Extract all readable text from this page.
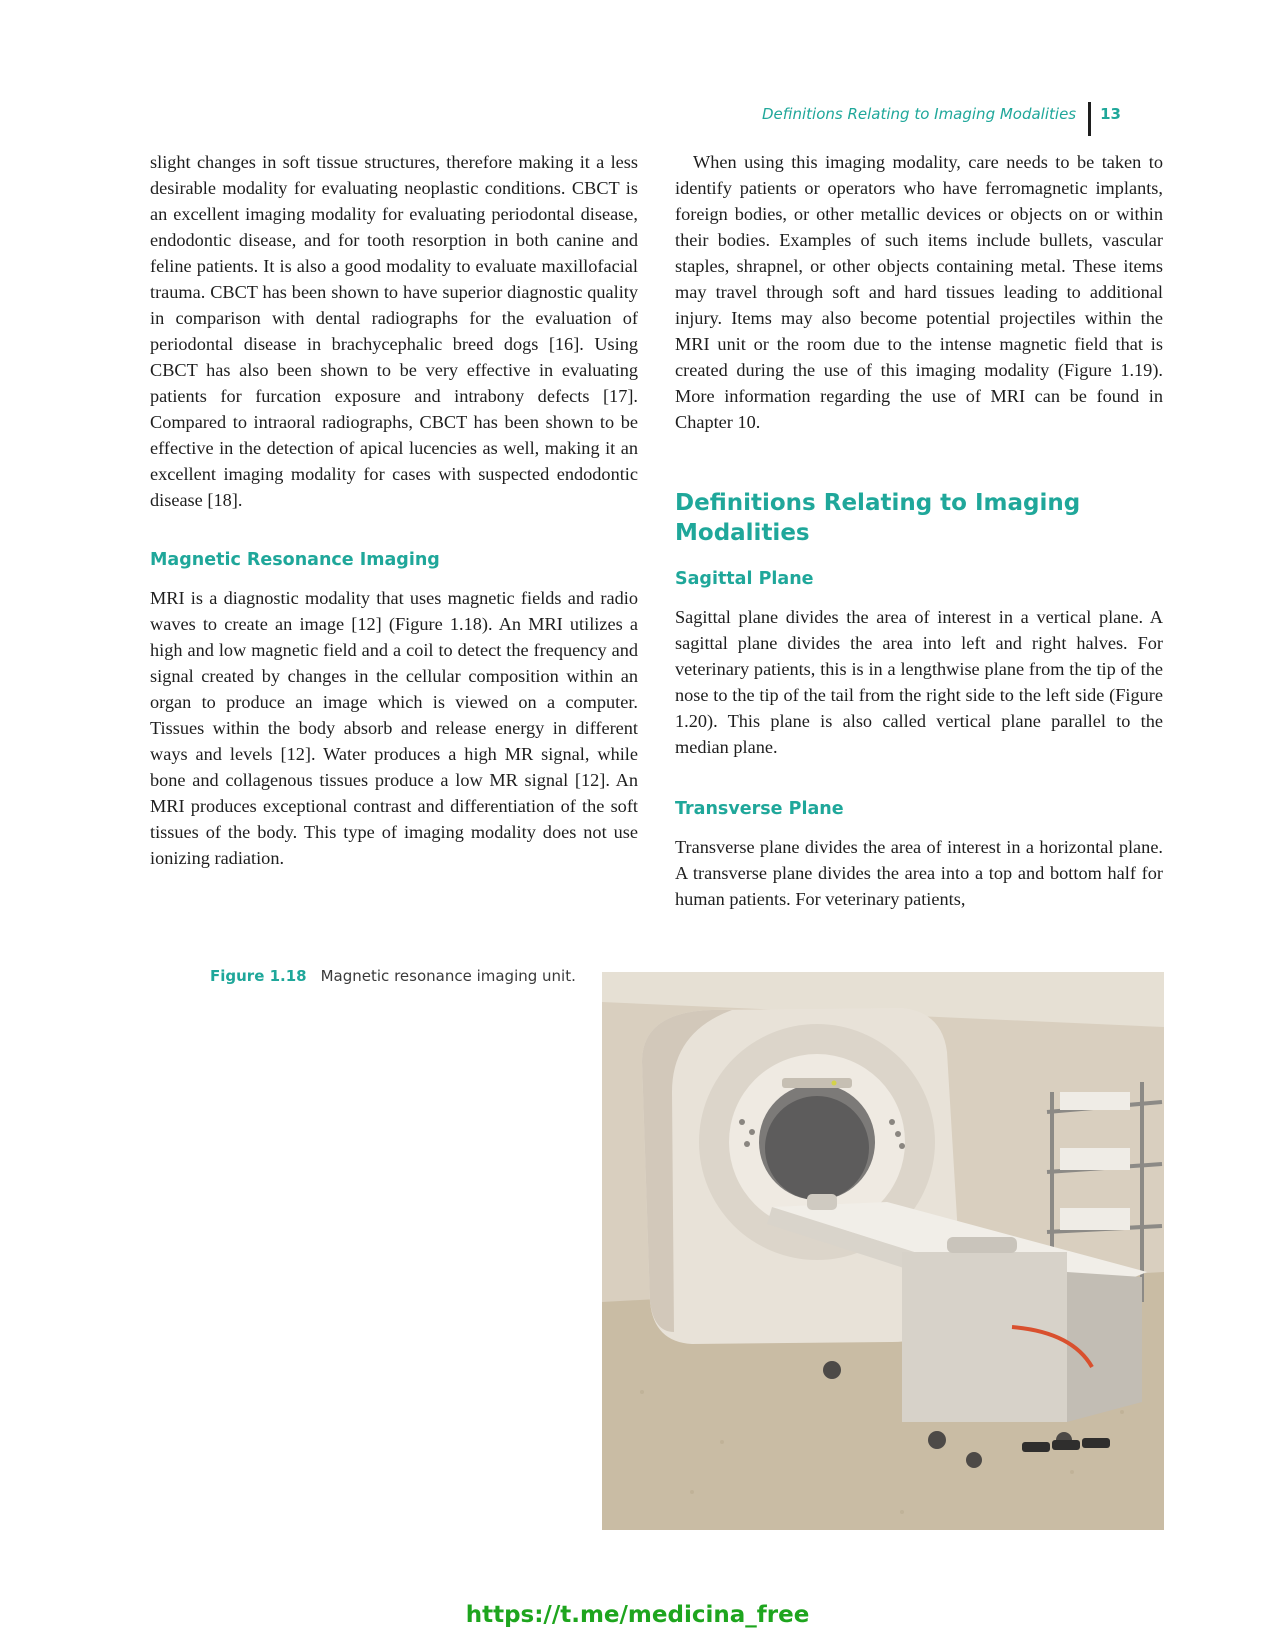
Definitions Relating to Imaging Modalities 13

slight changes in soft tissue structures, therefore making it a less desirable modality for evaluating neoplastic conditions. CBCT is an excellent imaging modality for evaluating periodontal disease, endodontic disease, and for tooth resorption in both canine and feline patients. It is also a good modality to evaluate maxillofacial trauma. CBCT has been shown to have superior diagnostic quality in comparison with dental radiographs for the evaluation of periodontal disease in brachycephalic breed dogs [16]. Using CBCT has also been shown to be very effective in evaluating patients for furcation exposure and intrabony defects [17]. Compared to intraoral radiographs, CBCT has been shown to be effective in the detection of apical lucencies as well, making it an excellent imaging modality for cases with suspected endodontic disease [18].

Magnetic Resonance Imaging

MRI is a diagnostic modality that uses magnetic fields and radio waves to create an image [12] (Figure 1.18). An MRI utilizes a high and low magnetic field and a coil to detect the frequency and signal created by changes in the cellular composition within an organ to produce an image which is viewed on a computer. Tissues within the body absorb and release energy in different ways and levels [12]. Water produces a high MR signal, while bone and collagenous tissues produce a low MR signal [12]. An MRI produces exceptional contrast and differentiation of the soft tissues of the body. This type of imaging modality does not use ionizing radiation.

When using this imaging modality, care needs to be taken to identify patients or operators who have ferromagnetic implants, foreign bodies, or other metallic devices or objects on or within their bodies. Examples of such items include bullets, vascular staples, shrapnel, or other objects containing metal. These items may travel through soft and hard tissues leading to additional injury. Items may also become potential projectiles within the MRI unit or the room due to the intense magnetic field that is created during the use of this imaging modality (Figure 1.19). More information regarding the use of MRI can be found in Chapter 10.

Definitions Relating to Imaging Modalities
Sagittal Plane

Sagittal plane divides the area of interest in a vertical plane. A sagittal plane divides the area into left and right halves. For veterinary patients, this is in a lengthwise plane from the tip of the nose to the tip of the tail from the right side to the left side (Figure 1.20). This plane is also called vertical plane parallel to the median plane.

Transverse Plane

Transverse plane divides the area of interest in a horizontal plane. A transverse plane divides the area into a top and bottom half for human patients. For veterinary patients,

Figure 1.18 Magnetic resonance imaging unit.
https://t.me/medicina_free
